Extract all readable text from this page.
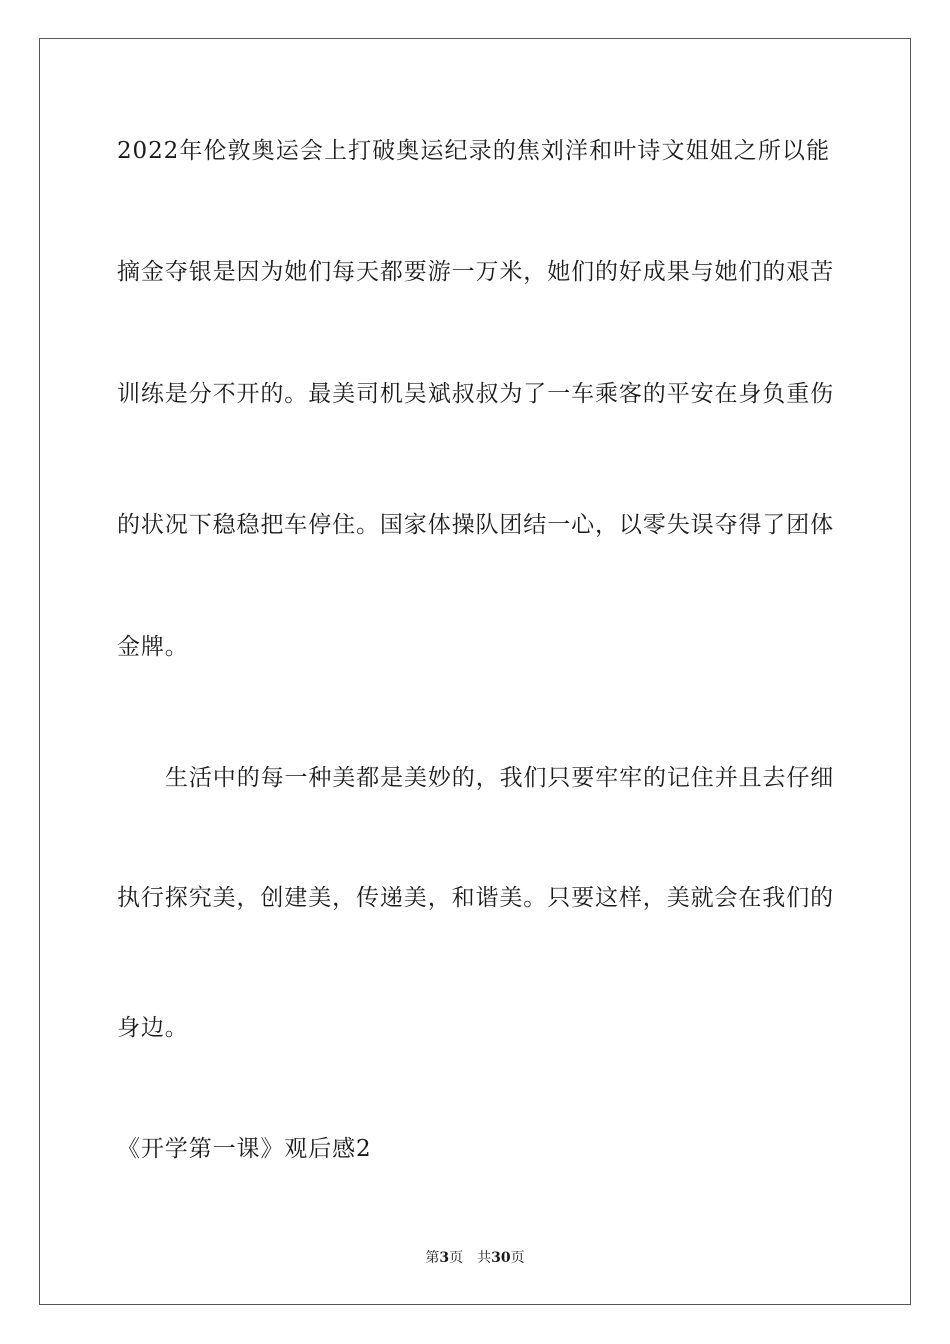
2022年伦敦奥运会上打破奥运纪录的焦刘洋和叶诗文姐姐之所以能
摘金夺银是因为她们每天都要游一万米，她们的好成果与她们的艰苦
训练是分不开的。最美司机吴斌叔叔为了一车乘客的平安在身负重伤
的状况下稳稳把车停住。国家体操队团结一心，以零失误夺得了团体
金牌。
生活中的每一种美都是美妙的，我们只要牢牢的记住并且去仔细
执行探究美，创建美，传递美，和谐美。只要这样，美就会在我们的
身边。
《开学第一课》观后感2
第3页 共30页
